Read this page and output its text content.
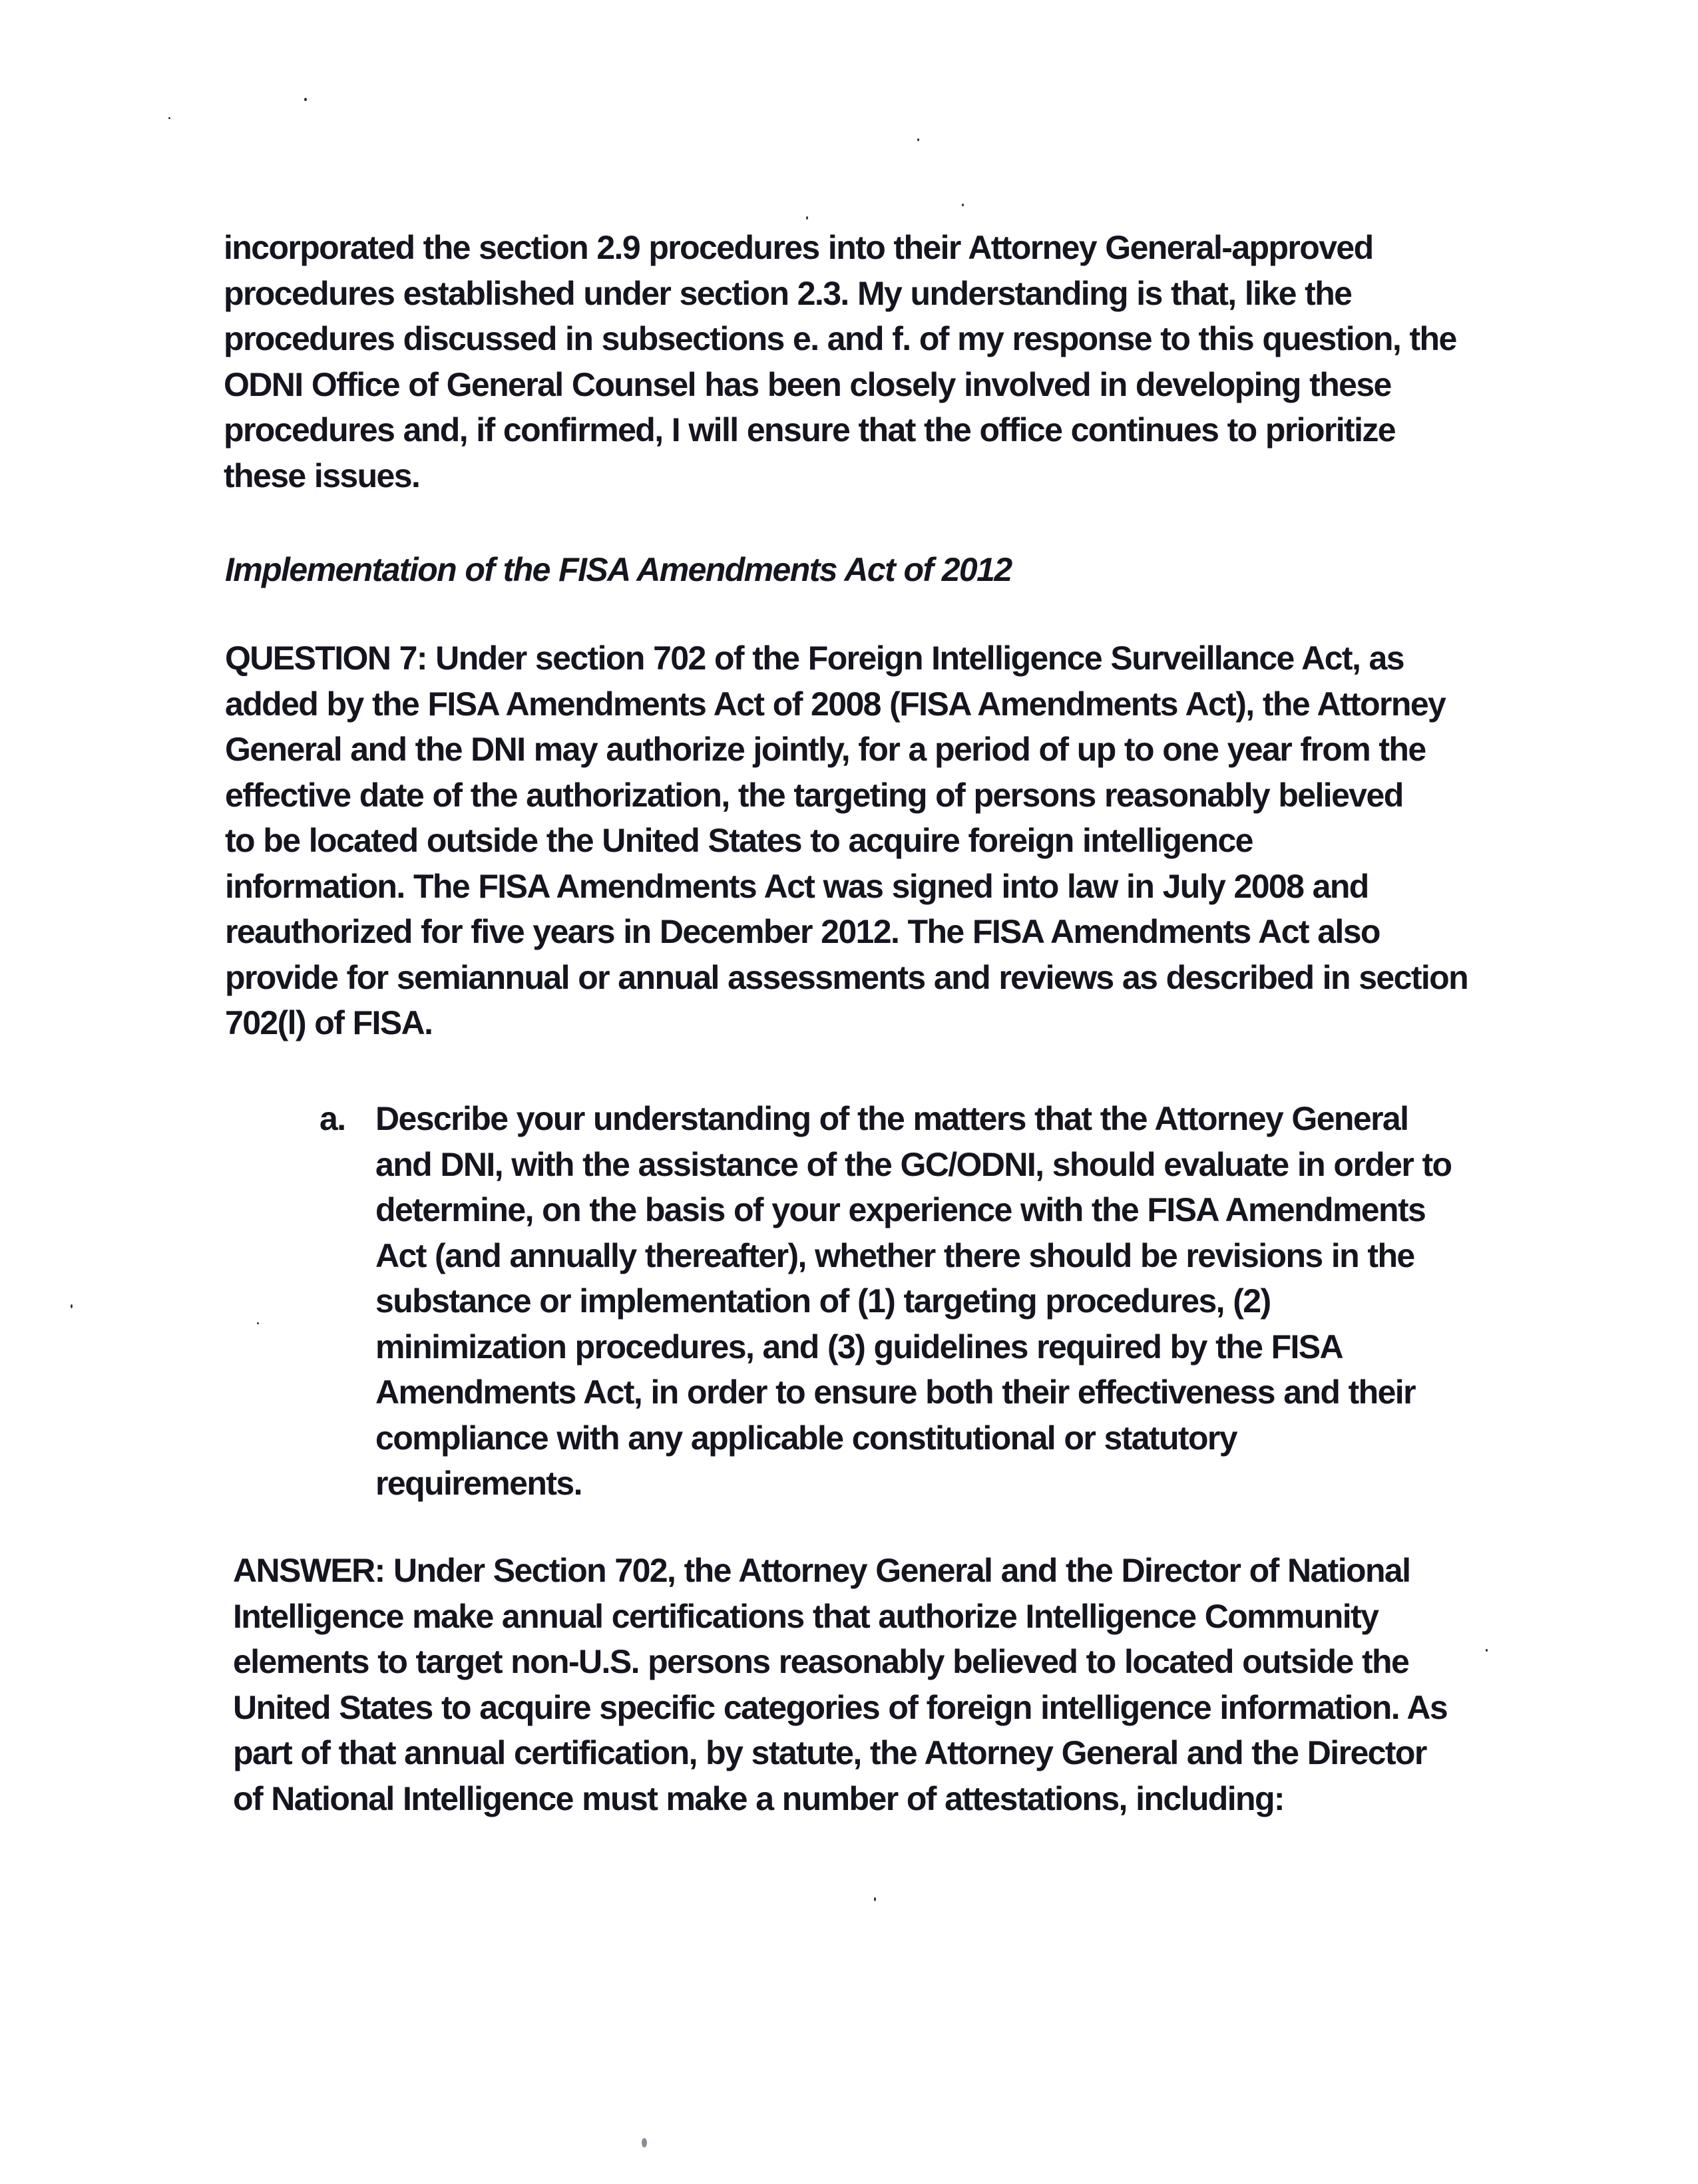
incorporated the section 2.9 procedures into their Attorney General-approved
procedures established under section 2.3. My understanding is that, like the
procedures discussed in subsections e. and f. of my response to this question, the
ODNI Office of General Counsel has been closely involved in developing these
procedures and, if confirmed, I will ensure that the office continues to prioritize
these issues.
Implementation of the FISA Amendments Act of 2012
QUESTION 7: Under section 702 of the Foreign Intelligence Surveillance Act, as
added by the FISA Amendments Act of 2008 (FISA Amendments Act), the Attorney
General and the DNI may authorize jointly, for a period of up to one year from the
effective date of the authorization, the targeting of persons reasonably believed
to be located outside the United States to acquire foreign intelligence
information. The FISA Amendments Act was signed into law in July 2008 and
reauthorized for five years in December 2012. The FISA Amendments Act also
provide for semiannual or annual assessments and reviews as described in section
702(l) of FISA.
a. Describe your understanding of the matters that the Attorney General
and DNI, with the assistance of the GC/ODNI, should evaluate in order to
determine, on the basis of your experience with the FISA Amendments
Act (and annually thereafter), whether there should be revisions in the
substance or implementation of (1) targeting procedures, (2)
minimization procedures, and (3) guidelines required by the FISA
Amendments Act, in order to ensure both their effectiveness and their
compliance with any applicable constitutional or statutory
requirements.
ANSWER: Under Section 702, the Attorney General and the Director of National
Intelligence make annual certifications that authorize Intelligence Community
elements to target non-U.S. persons reasonably believed to located outside the
United States to acquire specific categories of foreign intelligence information. As
part of that annual certification, by statute, the Attorney General and the Director
of National Intelligence must make a number of attestations, including:
